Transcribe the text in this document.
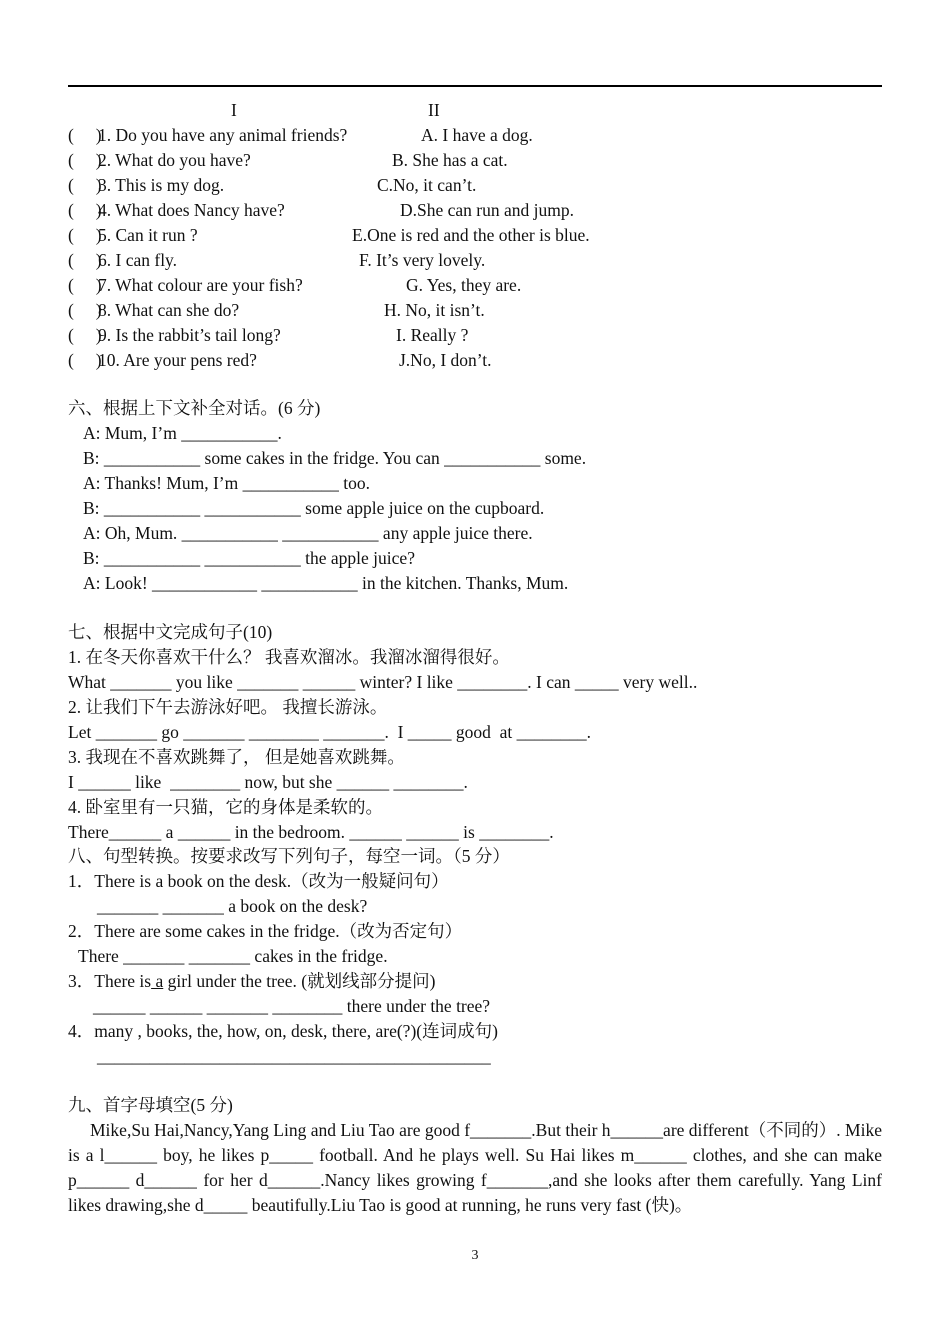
I	II
(     )
1. Do you have any animal friends?	A. I have a dog.
(     )
2. What do you have?	B. She has a cat.
(     )
3. This is my dog.	C.No, it can’t.
(     )
4. What does Nancy have?	D.She can run and jump.
(     )
5. Can it run ?	E.One is red and the other is blue.
(     )
6. I can fly.	F. It’s very lovely.
(     )
7. What colour are your fish?	G. Yes, they are.
(     )
8. What can she do?	H. No, it isn’t.
(     )
9. Is the rabbit’s tail long?	I. Really ?
(     )
10. Are your pens red?	J.No, I don’t.
六、根据上下文补全对话。(6 分)
A: Mum, I’m ___________.
B: ___________ some cakes in the fridge. You can ___________ some.
A: Thanks! Mum, I’m ___________ too.
B: ___________ ___________ some apple juice on the cupboard.
A: Oh, Mum. ___________ ___________ any apple juice there.
B: ___________ ___________ the apple juice?
A: Look! ____________ ___________ in the kitchen. Thanks, Mum.
七、根据中文完成句子(10)
1. 在冬天你喜欢干什么？ 我喜欢溜冰。我溜冰溜得很好。
What _______ you like _______ ______ winter? I like ________. I can _____ very well..
2. 让我们下午去游泳好吧。 我擅长游泳。
Let _______ go _______ ________ _______.  I _____ good  at ________.
3. 我现在不喜欢跳舞了， 但是她喜欢跳舞。
I ______ like  ________ now, but she ______ ________.
4. 卧室里有一只猫，它的身体是柔软的。
There______ a ______ in the bedroom. ______ ______ is ________.
八、句型转换。按要求改写下列句子，每空一词。（5 分）
1．There is a book on the desk.（改为一般疑问句）
_______ _______ a book on the desk?
2．There are some cakes in the fridge.（改为否定句）
There _______ _______ cakes in the fridge.
3．There is a girl under the tree. (就划线部分提问)
______ ______ _______ ________ there under the tree?
4．many , books, the, how, on, desk, there, are(?)(连词成句)
_____________________________________________
九、首字母填空(5 分)
Mike,Su Hai,Nancy,Yang Ling and Liu Tao are good f_______.But their h______are different（不同的）. Mike is a l______ boy, he likes p_____ football. And he plays well. Su Hai likes m______ clothes, and she can make p______ d______ for her d______.Nancy likes growing f_______,and she looks after them carefully. Yang Linf likes drawing,she d_____ beautifully.Liu Tao is good at running, he runs very fast (快)。
3
